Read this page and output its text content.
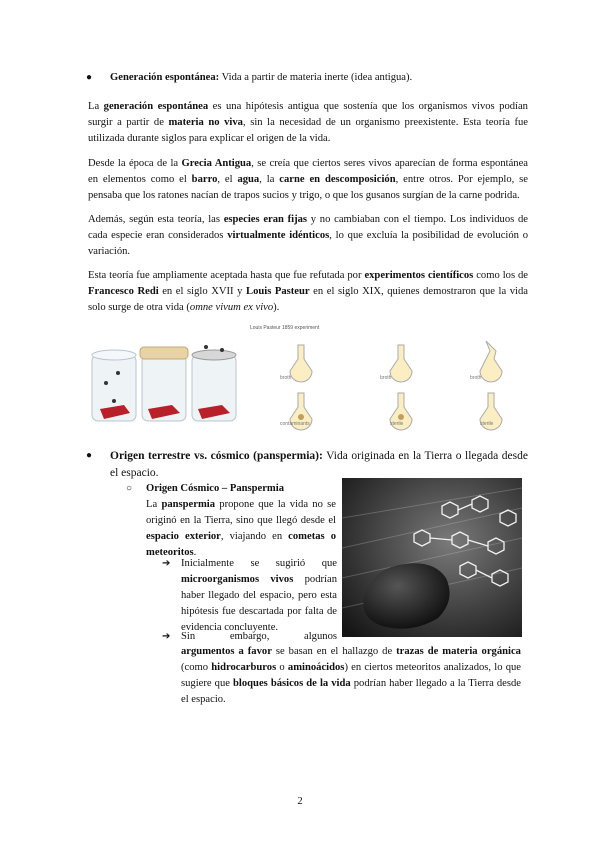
● Generación espontánea: Vida a partir de materia inerte (idea antigua).

La generación espontánea es una hipótesis antigua que sostenía que los organismos vivos podían surgir a partir de materia no viva, sin la necesidad de un organismo preexistente. Esta teoría fue utilizada durante siglos para explicar el origen de la vida.

Desde la época de la Grecia Antigua, se creía que ciertos seres vivos aparecían de forma espontánea en elementos como el barro, el agua, la carne en descomposición, entre otros. Por ejemplo, se pensaba que los ratones nacían de trapos sucios y trigo, o que los gusanos surgían de la carne podrida.

Además, según esta teoría, las especies eran fijas y no cambiaban con el tiempo. Los individuos de cada especie eran considerados virtualmente idénticos, lo que excluía la posibilidad de evolución o variación.

Esta teoría fue ampliamente aceptada hasta que fue refutada por experimentos científicos como los de Francesco Redi en el siglo XVII y Louis Pasteur en el siglo XIX, quienes demostraron que la vida solo surge de otra vida (omne vivum ex vivo).

Louis Pasteur 1859 experiment
broth	broth	broth
contaminants	sterile	sterile
● Origen terrestre vs. cósmico (panspermia): Vida originada en la Tierra o llegada desde el espacio.
○ Origen Cósmico – Panspermia

La panspermia propone que la vida no se originó en la Tierra, sino que llegó desde el espacio exterior, viajando en cometas o meteoritos.

➔ Inicialmente se sugirió que microorganismos vivos podrían haber llegado del espacio, pero esta hipótesis fue descartada por falta de evidencia concluyente.

➔ Sin embargo, algunos

argumentos a favor se basan en el hallazgo de trazas de materia orgánica (como hidrocarburos o aminoácidos) en ciertos meteoritos analizados, lo que sugiere que bloques básicos de la vida podrían haber llegado a la Tierra desde el espacio.

2
